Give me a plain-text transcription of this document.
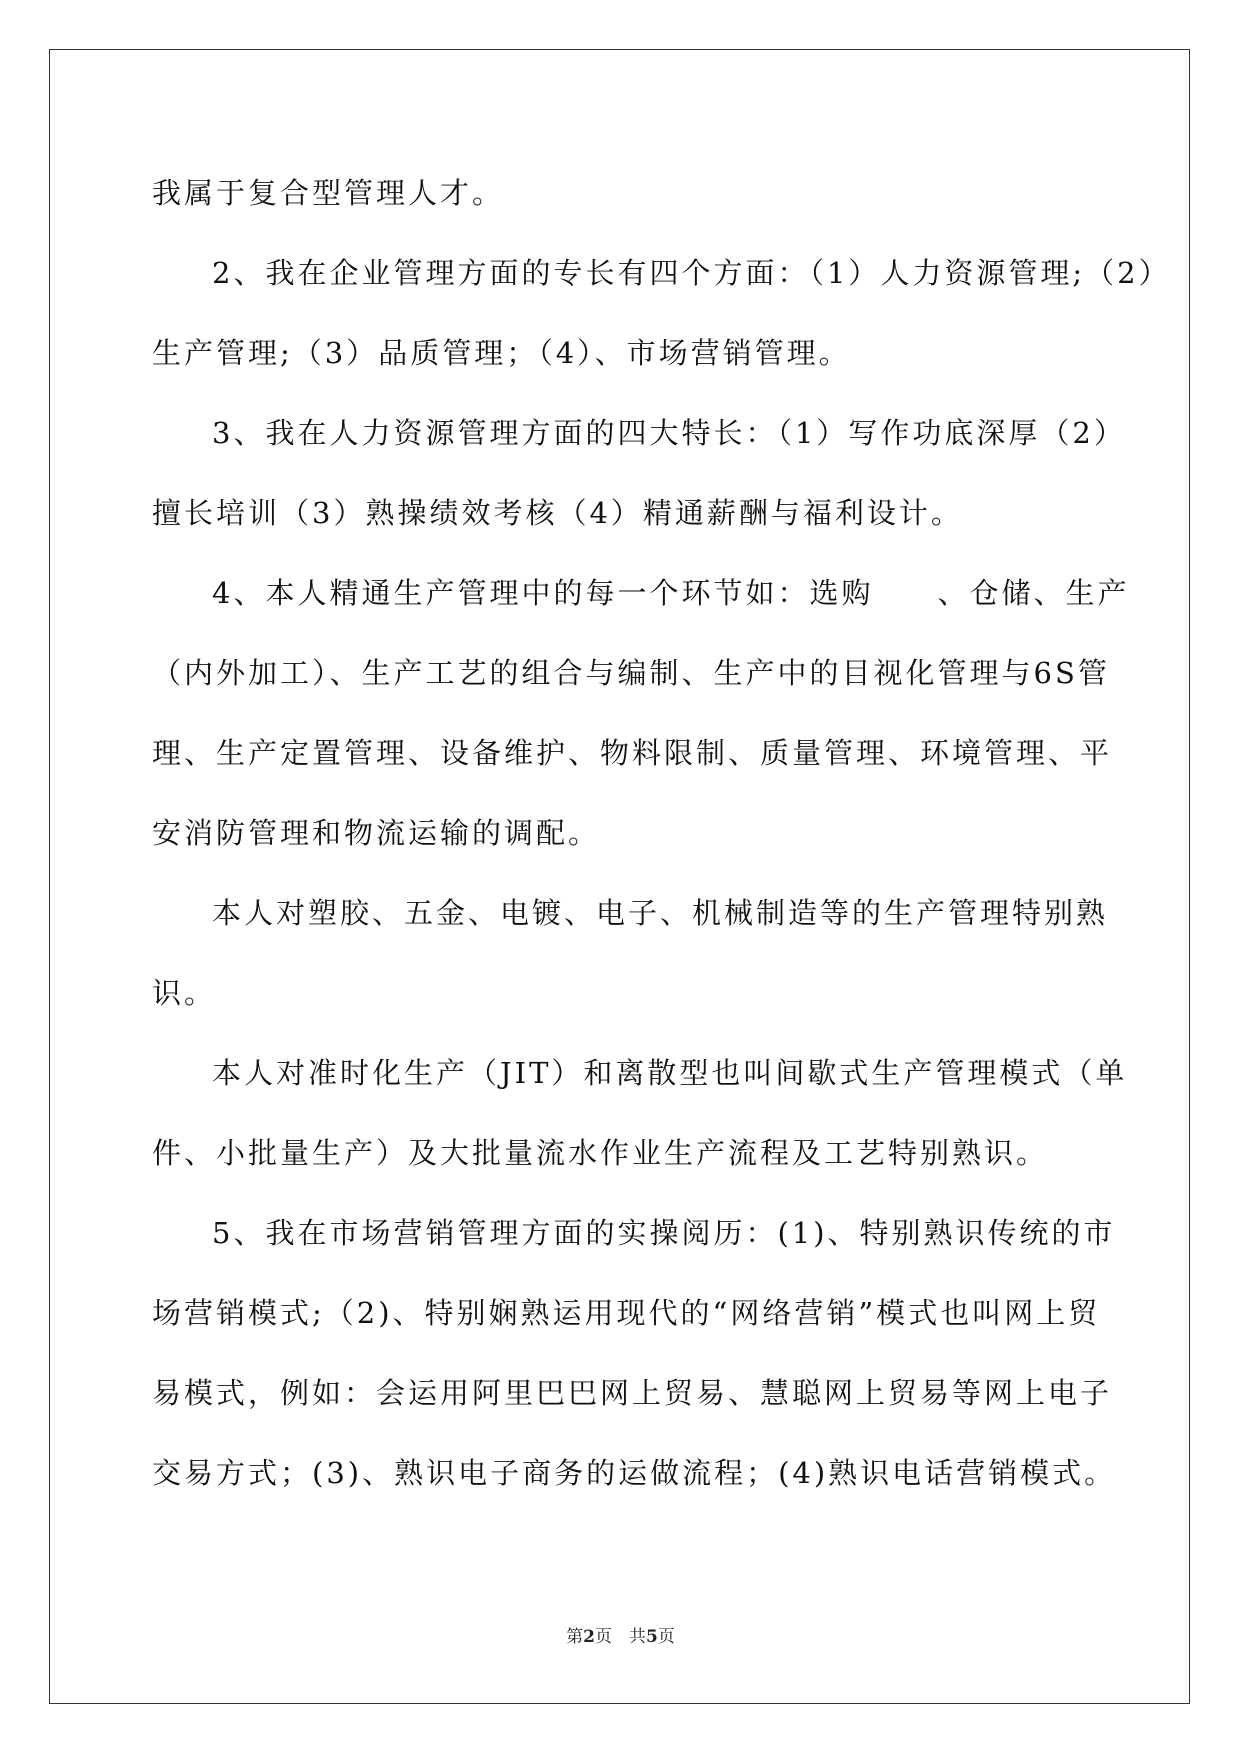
我属于复合型管理人才。
2、我在企业管理方面的专长有四个方面：（1）人力资源管理;（2）
生产管理;（3）品质管理；（4）、市场营销管理。
3、我在人力资源管理方面的四大特长：（1）写作功底深厚（2）
擅长培训（3）熟操绩效考核（4）精通薪酬与福利设计。
4、本人精通生产管理中的每一个环节如：选购　　、仓储、生产
（内外加工）、生产工艺的组合与编制、生产中的目视化管理与6S管
理、生产定置管理、设备维护、物料限制、质量管理、环境管理、平
安消防管理和物流运输的调配。
本人对塑胶、五金、电镀、电子、机械制造等的生产管理特别熟
识。
本人对准时化生产（JIT）和离散型也叫间歇式生产管理模式（单
件、小批量生产）及大批量流水作业生产流程及工艺特别熟识。
5、我在市场营销管理方面的实操阅历：(1)、特别熟识传统的市
场营销模式;（2)、特别娴熟运用现代的“网络营销”模式也叫网上贸
易模式，例如：会运用阿里巴巴网上贸易、慧聪网上贸易等网上电子
交易方式；(3)、熟识电子商务的运做流程；(4)熟识电话营销模式。
第2页　共5页
